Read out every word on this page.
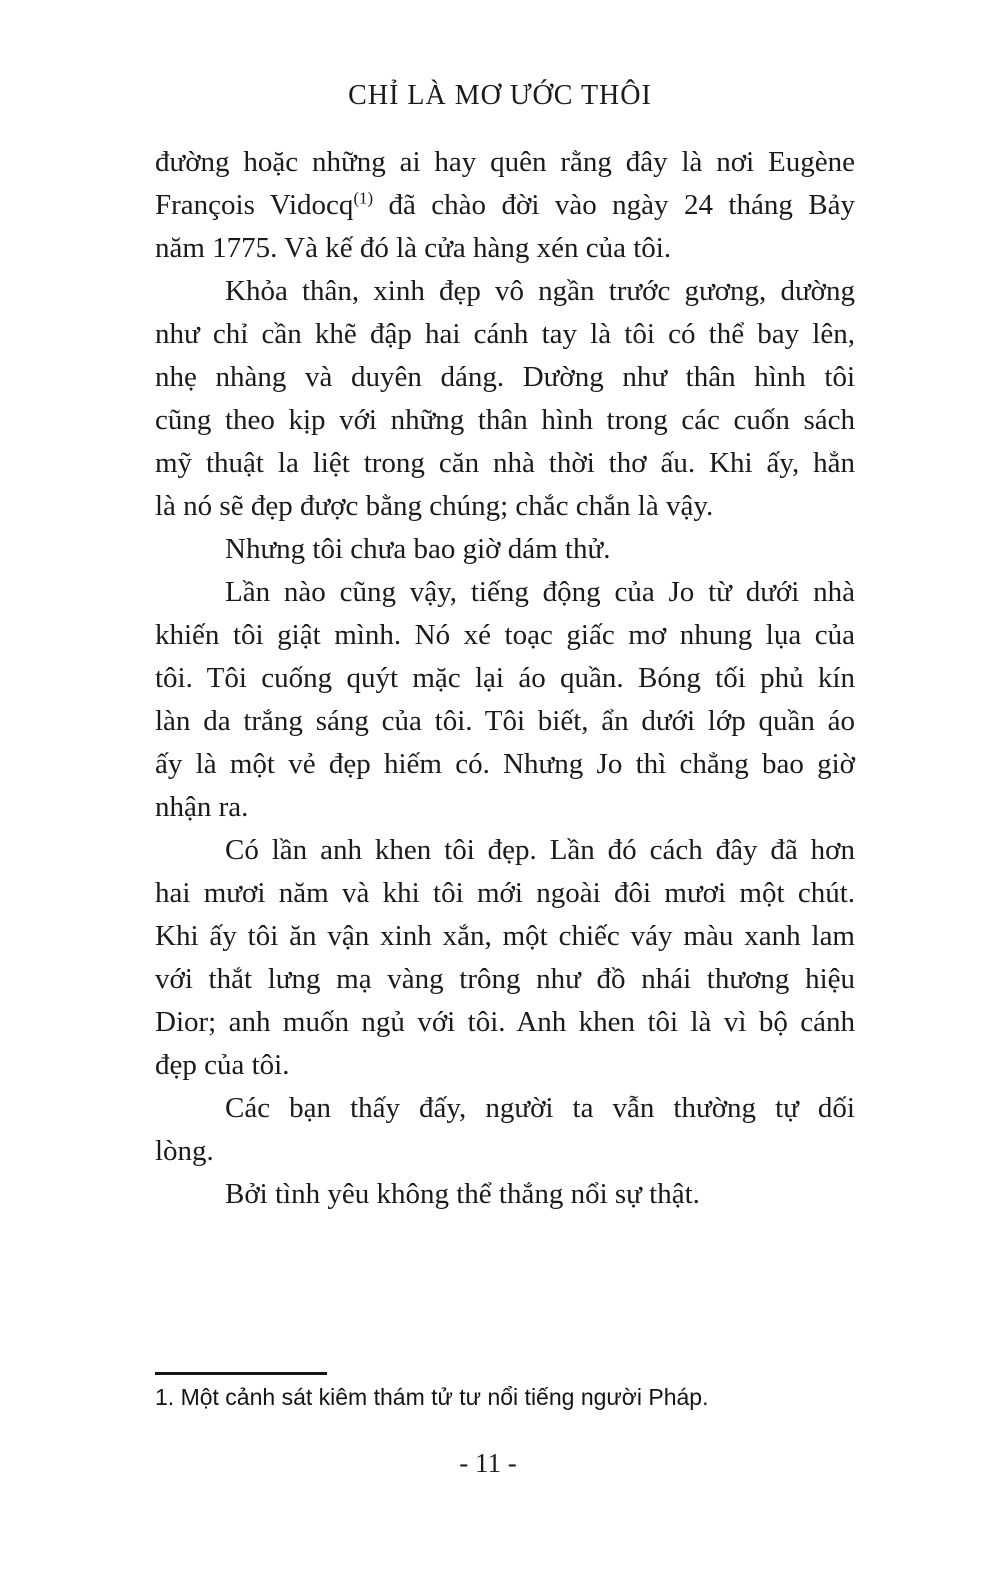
CHỈ LÀ MƠ ƯỚC THÔI
đường hoặc những ai hay quên rằng đây là nơi Eugène
François Vidocq$^{(1)}$ đã chào đời vào ngày 24 tháng Bảy
năm 1775. Và kế đó là cửa hàng xén của tôi.
Khỏa thân, xinh đẹp vô ngần trước gương, dường
như chỉ cần khẽ đập hai cánh tay là tôi có thể bay lên,
nhẹ nhàng và duyên dáng. Dường như thân hình tôi
cũng theo kịp với những thân hình trong các cuốn sách
mỹ thuật la liệt trong căn nhà thời thơ ấu. Khi ấy, hẳn
là nó sẽ đẹp được bằng chúng; chắc chắn là vậy.
Nhưng tôi chưa bao giờ dám thử.
Lần nào cũng vậy, tiếng động của Jo từ dưới nhà
khiến tôi giật mình. Nó xé toạc giấc mơ nhung lụa của
tôi. Tôi cuống quýt mặc lại áo quần. Bóng tối phủ kín
làn da trắng sáng của tôi. Tôi biết, ẩn dưới lớp quần áo
ấy là một vẻ đẹp hiếm có. Nhưng Jo thì chẳng bao giờ
nhận ra.
Có lần anh khen tôi đẹp. Lần đó cách đây đã hơn
hai mươi năm và khi tôi mới ngoài đôi mươi một chút.
Khi ấy tôi ăn vận xinh xắn, một chiếc váy màu xanh lam
với thắt lưng mạ vàng trông như đồ nhái thương hiệu
Dior; anh muốn ngủ với tôi. Anh khen tôi là vì bộ cánh
đẹp của tôi.
Các bạn thấy đấy, người ta vẫn thường tự dối
lòng.
Bởi tình yêu không thể thắng nổi sự thật.
1. Một cảnh sát kiêm thám tử tư nổi tiếng người Pháp.
- 11 -
